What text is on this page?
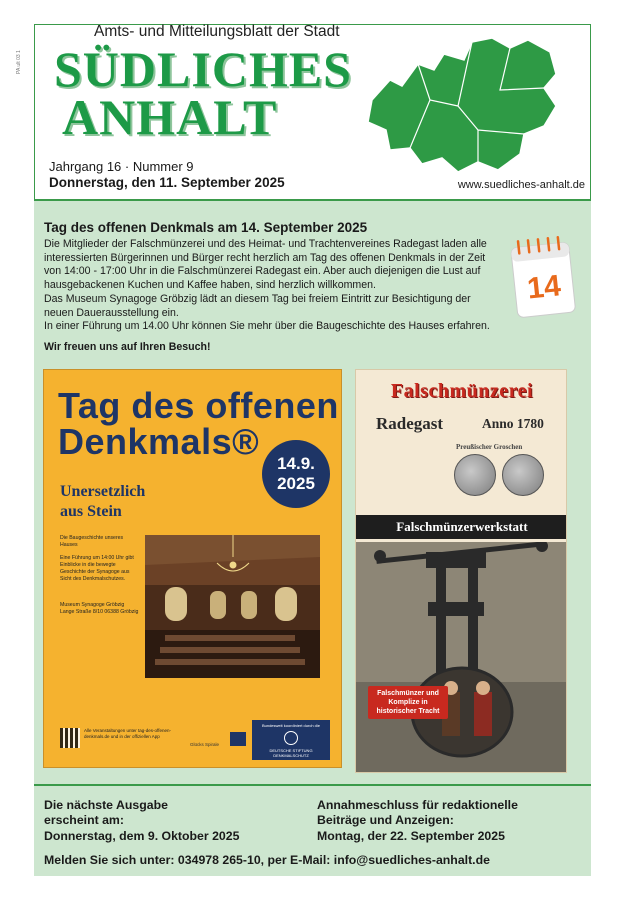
PA ult 03 1
Amts- und Mitteilungsblatt der Stadt
SÜDLICHES
ANHALT
Jahrgang 16 · Nummer 9
Donnerstag, den 11. September 2025	www.suedliches-anhalt.de
Tag des offenen Denkmals am 14. September 2025

Die Mitglieder der Falschmünzerei und des Heimat- und Trachtenvereines Radegast laden alle interessierten Bürgerinnen und Bürger recht herzlich am Tag des offenen Denkmals in der Zeit von 14:00 - 17:00 Uhr in die Falschmünzerei Radegast ein. Aber auch diejenigen die Lust auf hausgebackenen Kuchen und Kaffee haben, sind herzlich willkommen.

Das Museum Synagoge Gröbzig lädt an diesem Tag bei freiem Eintritt zur Besichtigung der neuen Dauerausstellung ein.

In einer Führung um 14.00 Uhr können Sie mehr über die Baugeschichte des Hauses erfahren.

Wir freuen uns auf Ihren Besuch!
14
Tag des offenen
Denkmals®
14.9.
2025
Unersetzlich
aus Stein
Die Baugeschichte unseres Hauses
Eine Führung um 14:00 Uhr gibt Einblicke in die bewegte Geschichte der Synagoge aus Sicht des Denkmalschutzes.
Museum Synagoge Gröbzig Lange Straße 8/10 06388 Gröbzig
Alle Veranstaltungen unter tag-des-offenen-denkmals.de und in der offiziellen App
Glücks Spirale
Bundesweit koordiniert durch die
DEUTSCHE STIFTUNG DENKMALSCHUTZ
Falschmünzerei
Radegast	Anno 1780
Preußischer Groschen
Falschmünzerwerkstatt
Falschmünzer und Komplize in historischer Tracht
Die nächste Ausgabe
erscheint am:
Donnerstag, dem 9. Oktober 2025
Annahmeschluss für redaktionelle
Beiträge und Anzeigen:
Montag, der 22. September 2025
Melden Sie sich unter: 034978 265-10, per E-Mail: info@suedliches-anhalt.de
